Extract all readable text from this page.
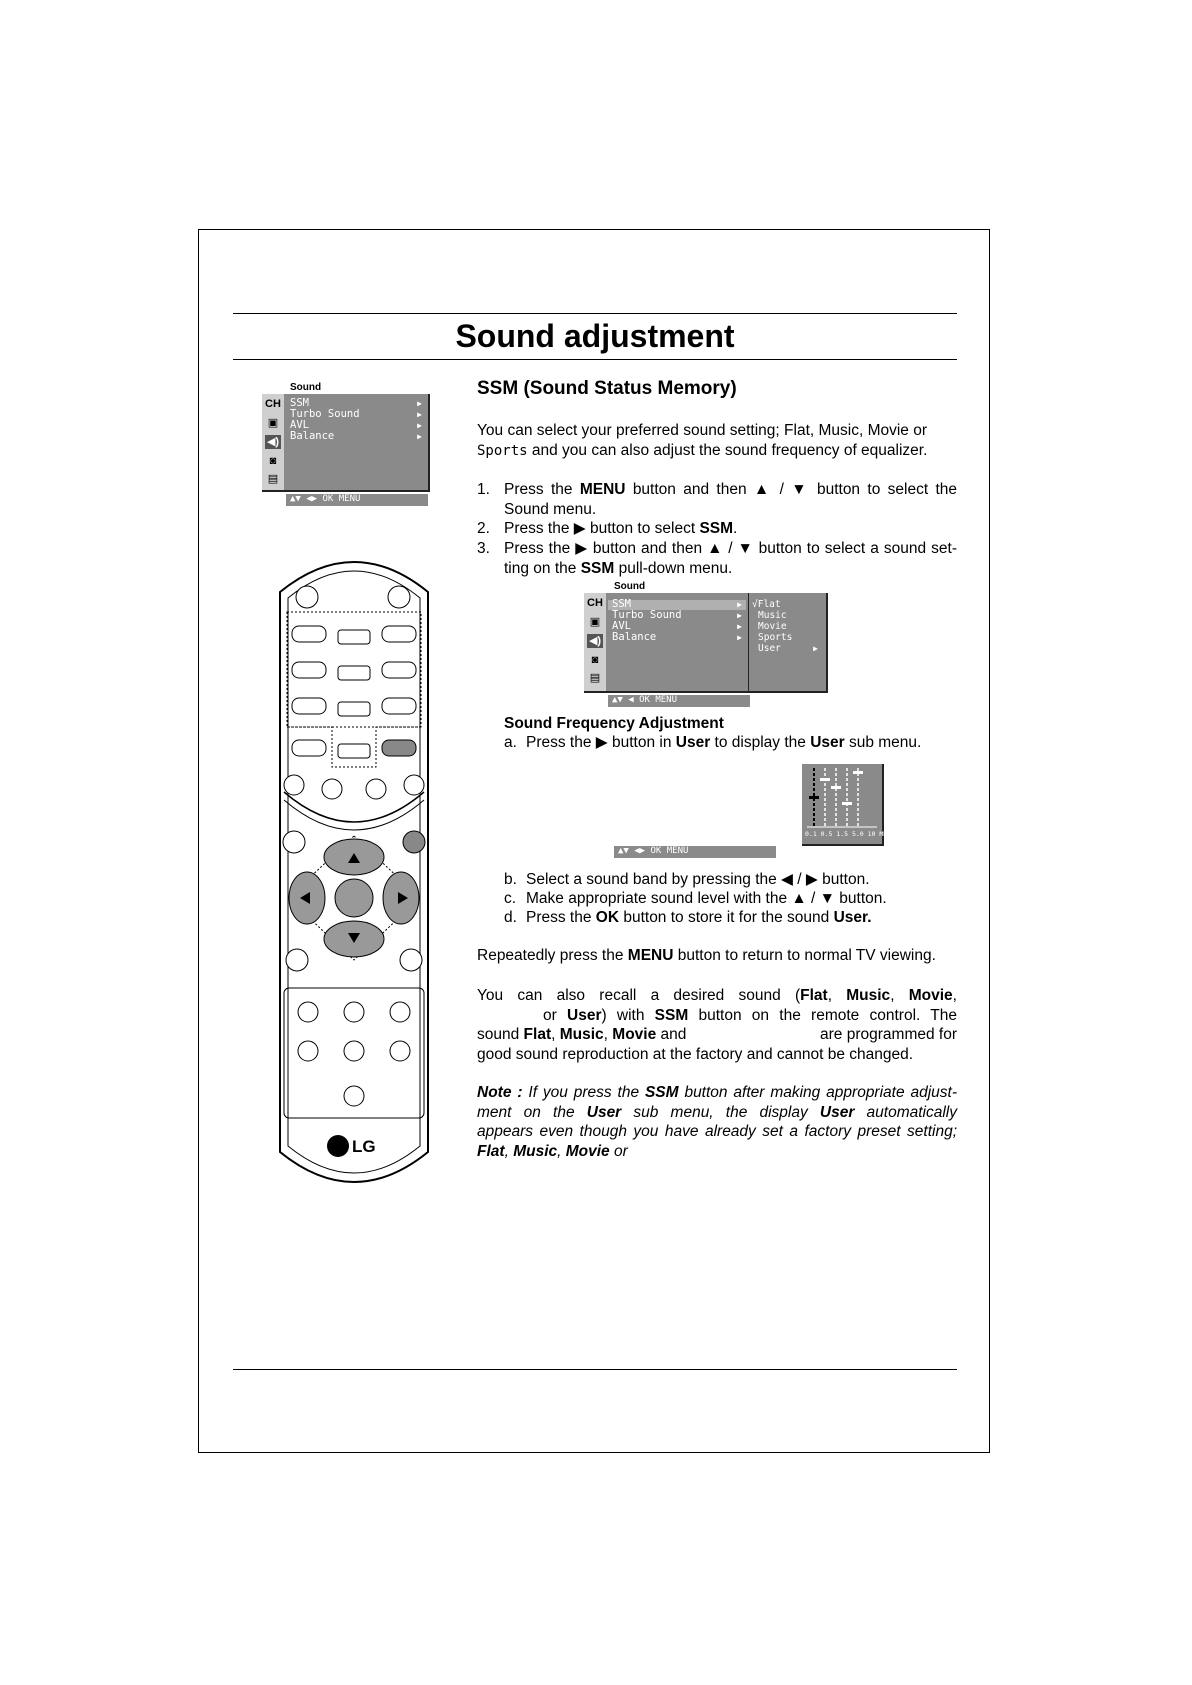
Sound adjustment
Sound
CH
▣
◀)
◙
▤
SSM	▶
Turbo Sound	▶
AVL	▶
Balance	▶
▲▼ ◀▶ OK MENU
LG
SSM (Sound Status Memory)
You can select your preferred sound setting; Flat, Music, Movie or
Sports and you can also adjust the sound frequency of equalizer.
1. Press the MENU button and then ▲ / ▼ button to select the
Sound menu.
2. Press the ▶ button to select SSM.
3. Press the ▶ button and then ▲ / ▼ button to select a sound set-
ting on the SSM pull-down menu.
Sound
CH
▣
◀)
◙
▤
SSM	▶
Turbo Sound	▶
AVL	▶
Balance	▶
√Flat
Music
Movie
Sports
User	▶
▲▼ ◀ OK MENU
Sound Frequency Adjustment
a. Press the ▶ button in User to display the User sub menu.
0.1 0.5 1.5 5.0 10 MHz
▲▼ ◀▶ OK MENU
b. Select a sound band by pressing the ◀ / ▶ button.
c. Make appropriate sound level with the ▲ / ▼ button.
d. Press the OK button to store it for the sound User.
Repeatedly press the MENU button to return to normal TV viewing.
You can also recall a desired sound (Flat, Music, Movie,
or User) with SSM button on the remote control. The
sound Flat, Music, Movie and	are programmed for
good sound reproduction at the factory and cannot be changed.
Note : If you press the SSM button after making appropriate adjust-
ment on the User sub menu, the display User automatically
appears even though you have already set a factory preset setting;
Flat, Music, Movie or
